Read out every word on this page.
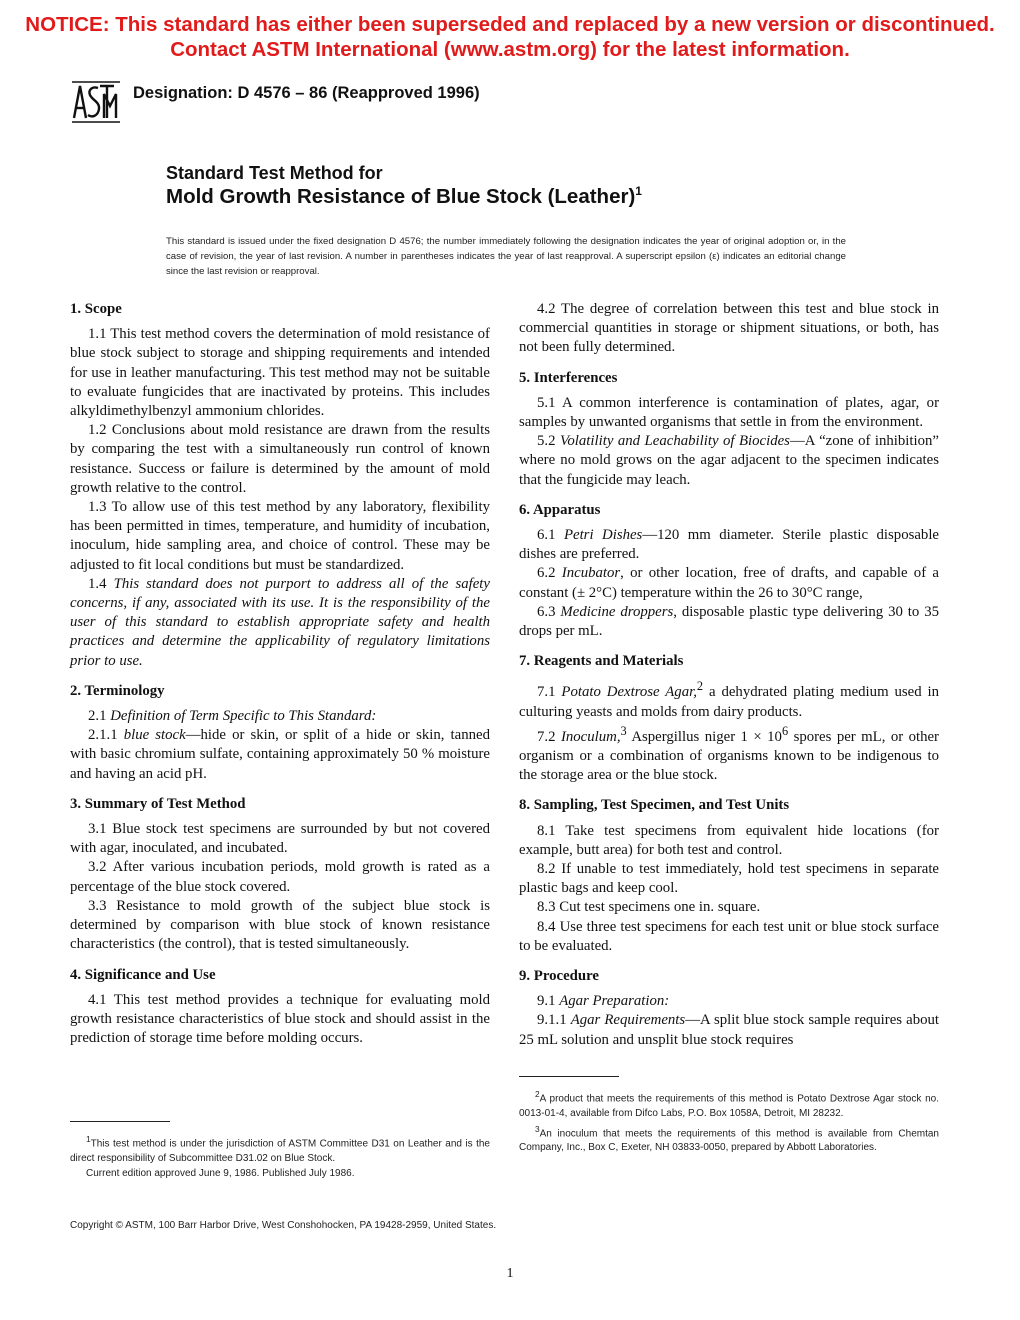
NOTICE: This standard has either been superseded and replaced by a new version or discontinued.
Contact ASTM International (www.astm.org) for the latest information.
Designation: D 4576 – 86 (Reapproved 1996)
Standard Test Method for
Mold Growth Resistance of Blue Stock (Leather)$^1$
This standard is issued under the fixed designation D 4576; the number immediately following the designation indicates the year of original adoption or, in the case of revision, the year of last revision. A number in parentheses indicates the year of last reapproval. A superscript epsilon (ε) indicates an editorial change since the last revision or reapproval.
1. Scope

1.1 This test method covers the determination of mold resistance of blue stock subject to storage and shipping requirements and intended for use in leather manufacturing. This test method may not be suitable to evaluate fungicides that are inactivated by proteins. This includes alkyldimethylbenzyl ammonium chlorides.

1.2 Conclusions about mold resistance are drawn from the results by comparing the test with a simultaneously run control of known resistance. Success or failure is determined by the amount of mold growth relative to the control.

1.3 To allow use of this test method by any laboratory, flexibility has been permitted in times, temperature, and humidity of incubation, inoculum, hide sampling area, and choice of control. These may be adjusted to fit local conditions but must be standardized.

1.4 This standard does not purport to address all of the safety concerns, if any, associated with its use. It is the responsibility of the user of this standard to establish appropriate safety and health practices and determine the applicability of regulatory limitations prior to use.

2. Terminology

2.1 Definition of Term Specific to This Standard:

2.1.1 blue stock—hide or skin, or split of a hide or skin, tanned with basic chromium sulfate, containing approximately 50 % moisture and having an acid pH.

3. Summary of Test Method

3.1 Blue stock test specimens are surrounded by but not covered with agar, inoculated, and incubated.

3.2 After various incubation periods, mold growth is rated as a percentage of the blue stock covered.

3.3 Resistance to mold growth of the subject blue stock is determined by comparison with blue stock of known resistance characteristics (the control), that is tested simultaneously.

4. Significance and Use

4.1 This test method provides a technique for evaluating mold growth resistance characteristics of blue stock and should assist in the prediction of storage time before molding occurs.

4.2 The degree of correlation between this test and blue stock in commercial quantities in storage or shipment situations, or both, has not been fully determined.

5. Interferences

5.1 A common interference is contamination of plates, agar, or samples by unwanted organisms that settle in from the environment.

5.2 Volatility and Leachability of Biocides—A “zone of inhibition” where no mold grows on the agar adjacent to the specimen indicates that the fungicide may leach.

6. Apparatus

6.1 Petri Dishes—120 mm diameter. Sterile plastic disposable dishes are preferred.

6.2 Incubator, or other location, free of drafts, and capable of a constant (± 2°C) temperature within the 26 to 30°C range,

6.3 Medicine droppers, disposable plastic type delivering 30 to 35 drops per mL.

7. Reagents and Materials

7.1 Potato Dextrose Agar,$^2$ a dehydrated plating medium used in culturing yeasts and molds from dairy products.

7.2 Inoculum,$^3$ Aspergillus niger $1 \times 10^6$ spores per mL, or other organism or a combination of organisms known to be indigenous to the storage area or the blue stock.

8. Sampling, Test Specimen, and Test Units

8.1 Take test specimens from equivalent hide locations (for example, butt area) for both test and control.

8.2 If unable to test immediately, hold test specimens in separate plastic bags and keep cool.

8.3 Cut test specimens one in. square.

8.4 Use three test specimens for each test unit or blue stock surface to be evaluated.

9. Procedure

9.1 Agar Preparation:

9.1.1 Agar Requirements—A split blue stock sample requires about 25 mL solution and unsplit blue stock requires

$^1$This test method is under the jurisdiction of ASTM Committee D31 on Leather and is the direct responsibility of Subcommittee D31.02 on Blue Stock.

Current edition approved June 9, 1986. Published July 1986.

$^2$A product that meets the requirements of this method is Potato Dextrose Agar stock no. 0013-01-4, available from Difco Labs, P.O. Box 1058A, Detroit, MI 28232.

$^3$An inoculum that meets the requirements of this method is available from Chemtan Company, Inc., Box C, Exeter, NH 03833-0050, prepared by Abbott Laboratories.

Copyright © ASTM, 100 Barr Harbor Drive, West Conshohocken, PA 19428-2959, United States.
1
